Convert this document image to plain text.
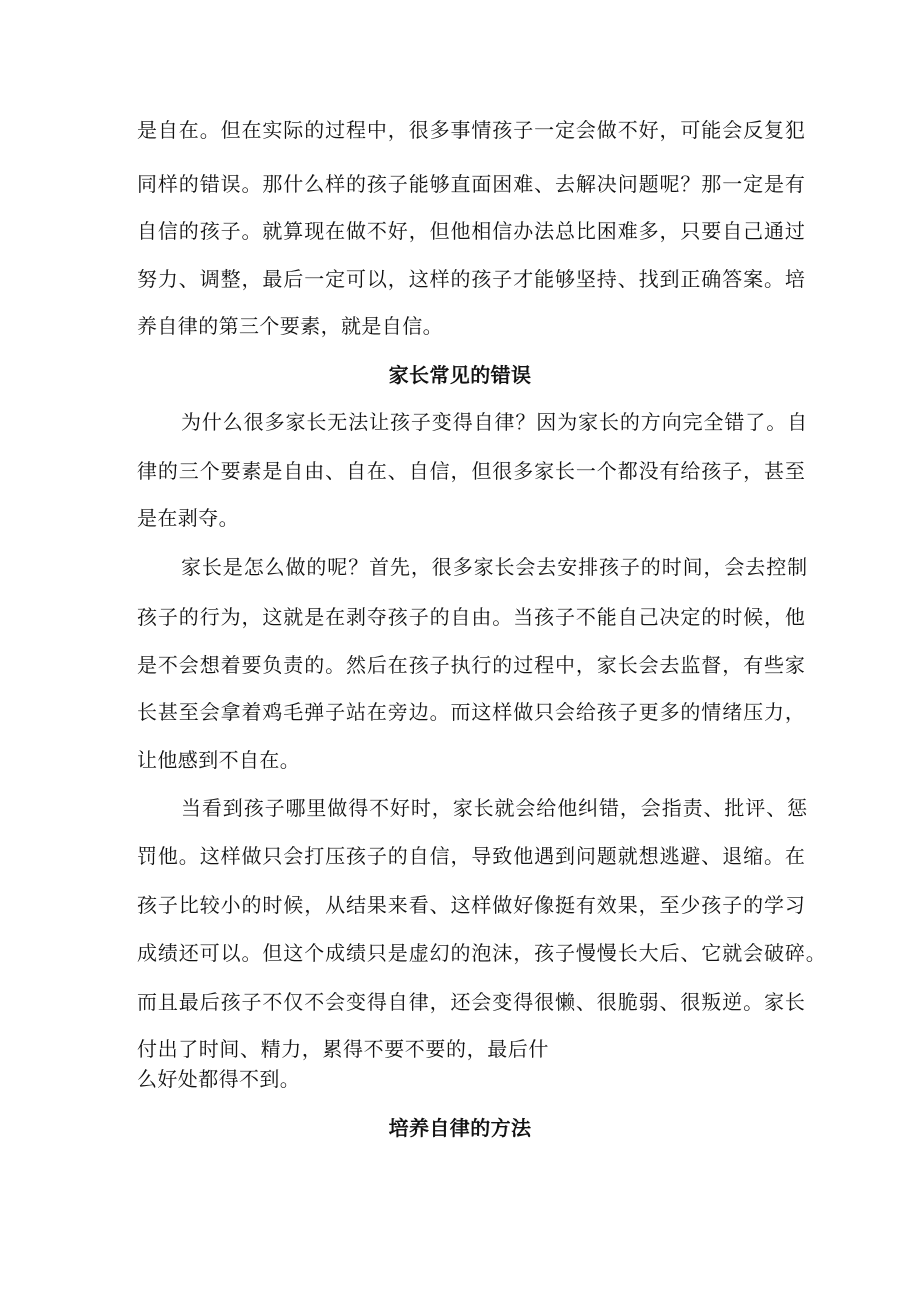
是自在。但在实际的过程中，很多事情孩子一定会做不好，可能会反复犯
同样的错误。那什么样的孩子能够直面困难、去解决问题呢？那一定是有
自信的孩子。就算现在做不好，但他相信办法总比困难多，只要自己通过
努力、调整，最后一定可以，这样的孩子才能够坚持、找到正确答案。培
养自律的第三个要素，就是自信。
家长常见的错误
为什么很多家长无法让孩子变得自律？因为家长的方向完全错了。自
律的三个要素是自由、自在、自信，但很多家长一个都没有给孩子，甚至
是在剥夺。
家长是怎么做的呢？首先，很多家长会去安排孩子的时间，会去控制
孩子的行为，这就是在剥夺孩子的自由。当孩子不能自己决定的时候，他
是不会想着要负责的。然后在孩子执行的过程中，家长会去监督，有些家
长甚至会拿着鸡毛弹子站在旁边。而这样做只会给孩子更多的情绪压力，
让他感到不自在。
当看到孩子哪里做得不好时，家长就会给他纠错，会指责、批评、惩
罚他。这样做只会打压孩子的自信，导致他遇到问题就想逃避、退缩。在
孩子比较小的时候，从结果来看、这样做好像挺有效果，至少孩子的学习
成绩还可以。但这个成绩只是虚幻的泡沫，孩子慢慢长大后、它就会破碎。
而且最后孩子不仅不会变得自律，还会变得很懒、很脆弱、很叛逆。家长
付出了时间、精力，累得不要不要的，最后什
么好处都得不到。
培养自律的方法
